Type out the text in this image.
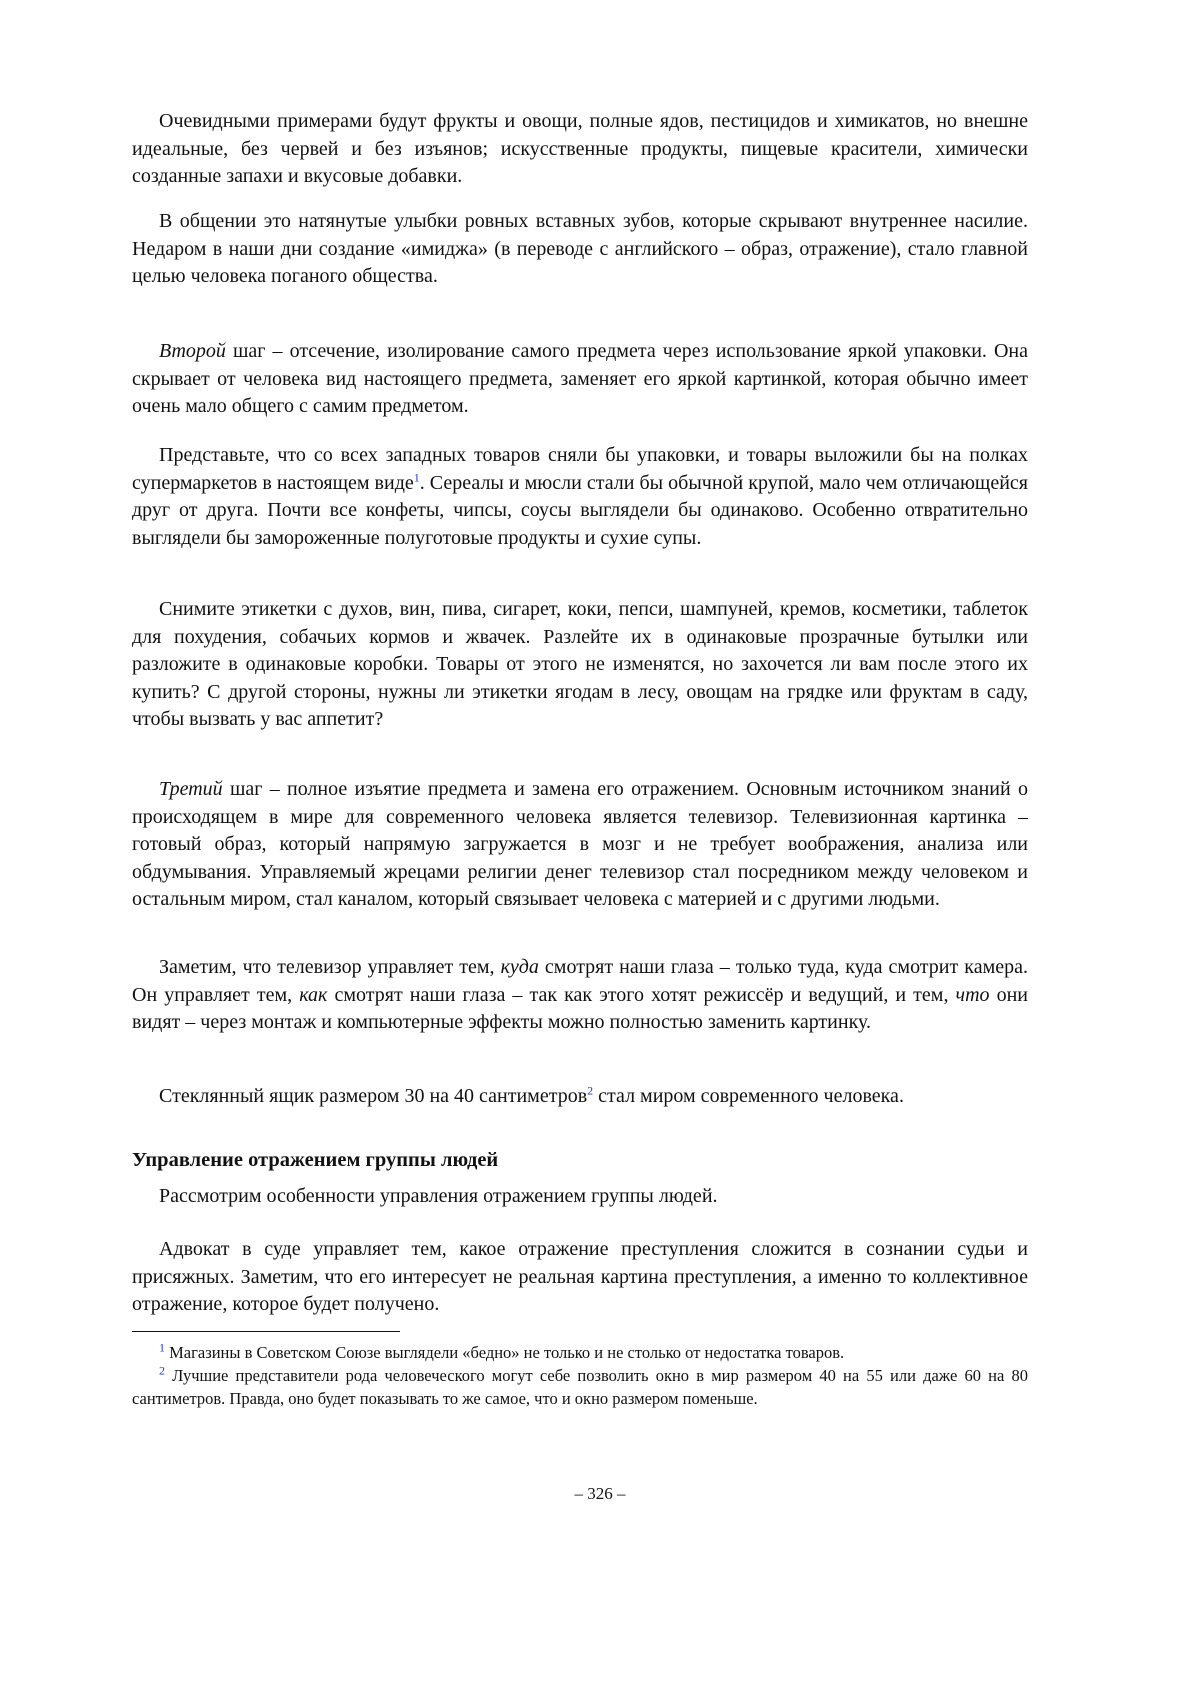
Очевидными примерами будут фрукты и овощи, полные ядов, пестицидов и химикатов, но внешне идеальные, без червей и без изъянов; искусственные продукты, пищевые красители, химически созданные запахи и вкусовые добавки.
В общении это натянутые улыбки ровных вставных зубов, которые скрывают внутреннее насилие. Недаром в наши дни создание «имиджа» (в переводе с английского – образ, отражение), стало главной целью человека поганого общества.
Второй шаг – отсечение, изолирование самого предмета через использование яркой упаковки. Она скрывает от человека вид настоящего предмета, заменяет его яркой картинкой, которая обычно имеет очень мало общего с самим предметом.
Представьте, что со всех западных товаров сняли бы упаковки, и товары выложили бы на полках супермаркетов в настоящем виде1. Сереалы и мюсли стали бы обычной крупой, мало чем отличающейся друг от друга. Почти все конфеты, чипсы, соусы выглядели бы одинаково. Особенно отвратительно выглядели бы замороженные полуготовые продукты и сухие супы.
Снимите этикетки с духов, вин, пива, сигарет, коки, пепси, шампуней, кремов, косметики, таблеток для похудения, собачьих кормов и жвачек. Разлейте их в одинаковые прозрачные бутылки или разложите в одинаковые коробки. Товары от этого не изменятся, но захочется ли вам после этого их купить? С другой стороны, нужны ли этикетки ягодам в лесу, овощам на грядке или фруктам в саду, чтобы вызвать у вас аппетит?
Третий шаг – полное изъятие предмета и замена его отражением. Основным источником знаний о происходящем в мире для современного человека является телевизор. Телевизионная картинка – готовый образ, который напрямую загружается в мозг и не требует воображения, анализа или обдумывания. Управляемый жрецами религии денег телевизор стал посредником между человеком и остальным миром, стал каналом, который связывает человека с материей и с другими людьми.
Заметим, что телевизор управляет тем, куда смотрят наши глаза – только туда, куда смотрит камера. Он управляет тем, как смотрят наши глаза – так как этого хотят режиссёр и ведущий, и тем, что они видят – через монтаж и компьютерные эффекты можно полностью заменить картинку.
Стеклянный ящик размером 30 на 40 сантиметров2 стал миром современного человека.
Управление отражением группы людей
Рассмотрим особенности управления отражением группы людей.
Адвокат в суде управляет тем, какое отражение преступления сложится в сознании судьи и присяжных. Заметим, что его интересует не реальная картина преступления, а именно то коллективное отражение, которое будет получено.
1 Магазины в Советском Союзе выглядели «бедно» не только и не столько от недостатка товаров.
2 Лучшие представители рода человеческого могут себе позволить окно в мир размером 40 на 55 или даже 60 на 80 сантиметров. Правда, оно будет показывать то же самое, что и окно размером поменьше.
– 326 –
